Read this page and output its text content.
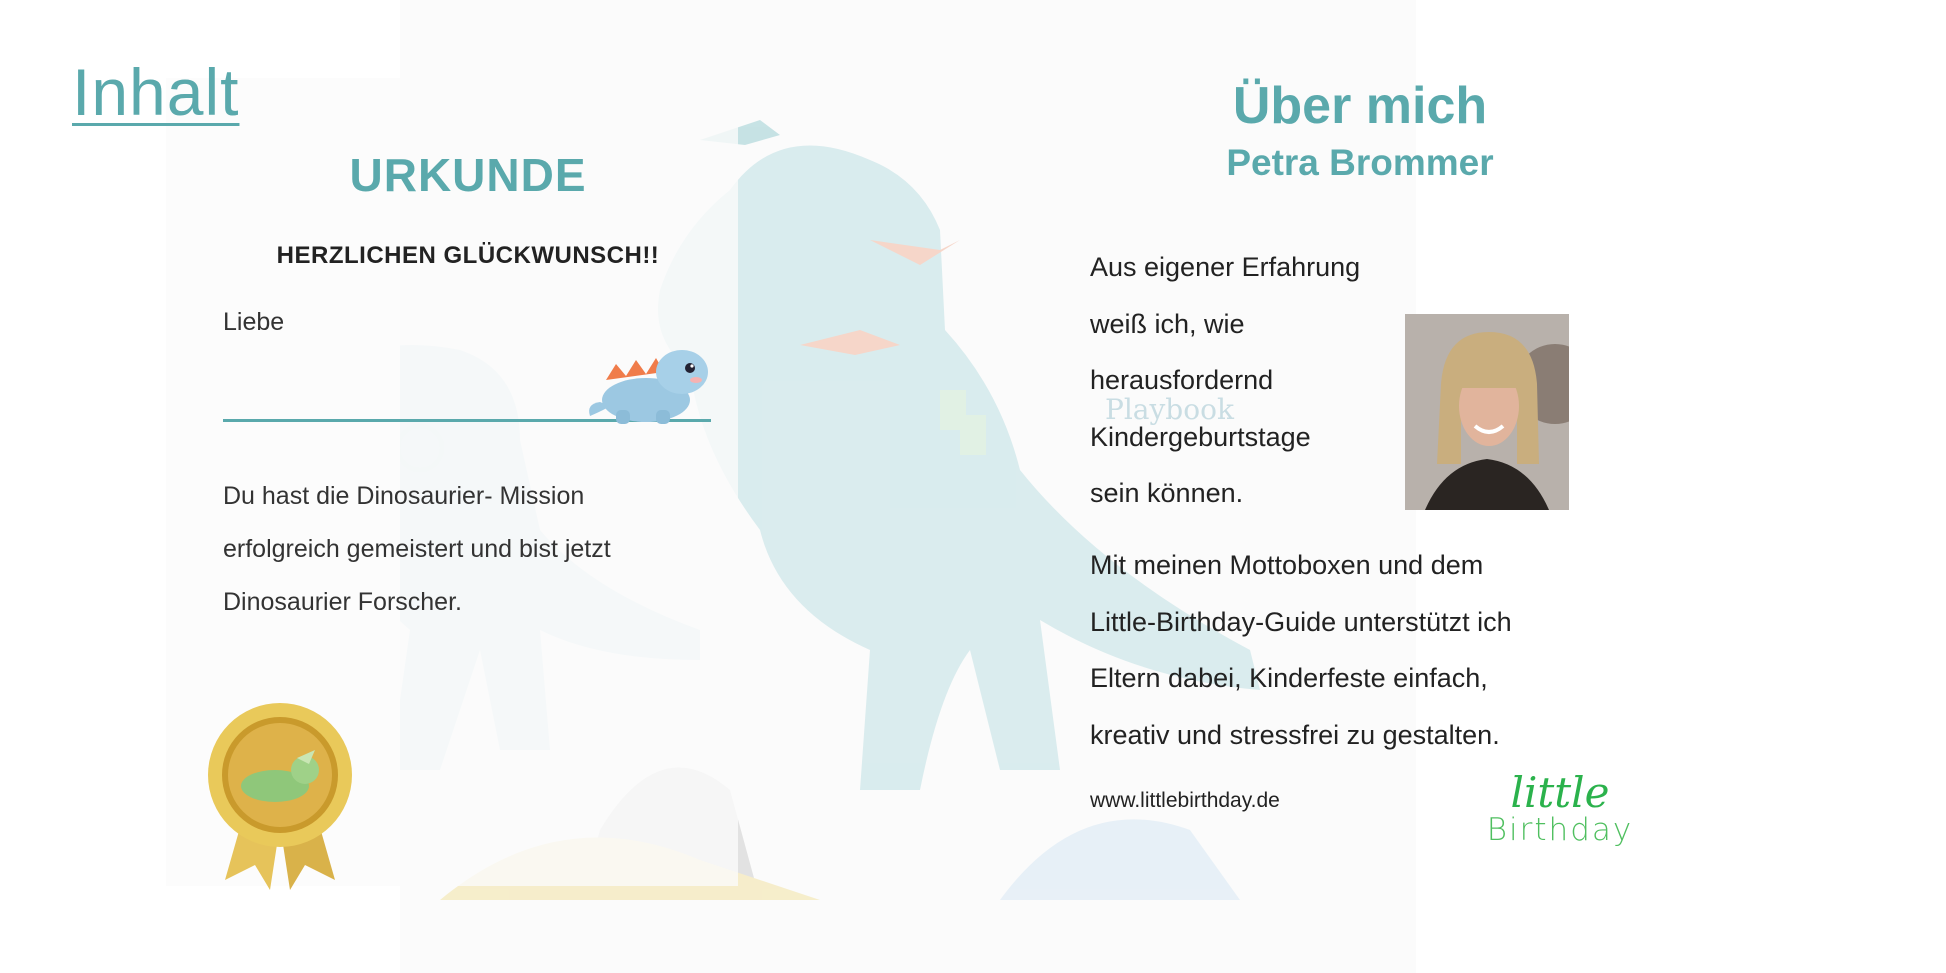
Inhalt
URKUNDE
HERZLICHEN GLÜCKWUNSCH!!
Liebe
Du hast die Dinosaurier- Mission
erfolgreich gemeistert und bist jetzt
Dinosaurier Forscher.
Über mich
Petra Brommer
Playbook
Aus eigener Erfahrung
weiß ich, wie
herausfordernd
Kindergeburtstage
sein können.
Mit meinen Mottoboxen und dem
Little-Birthday-Guide unterstützt ich
Eltern dabei, Kinderfeste einfach,
kreativ und stressfrei zu gestalten.
www.littlebirthday.de	little
Birthday
